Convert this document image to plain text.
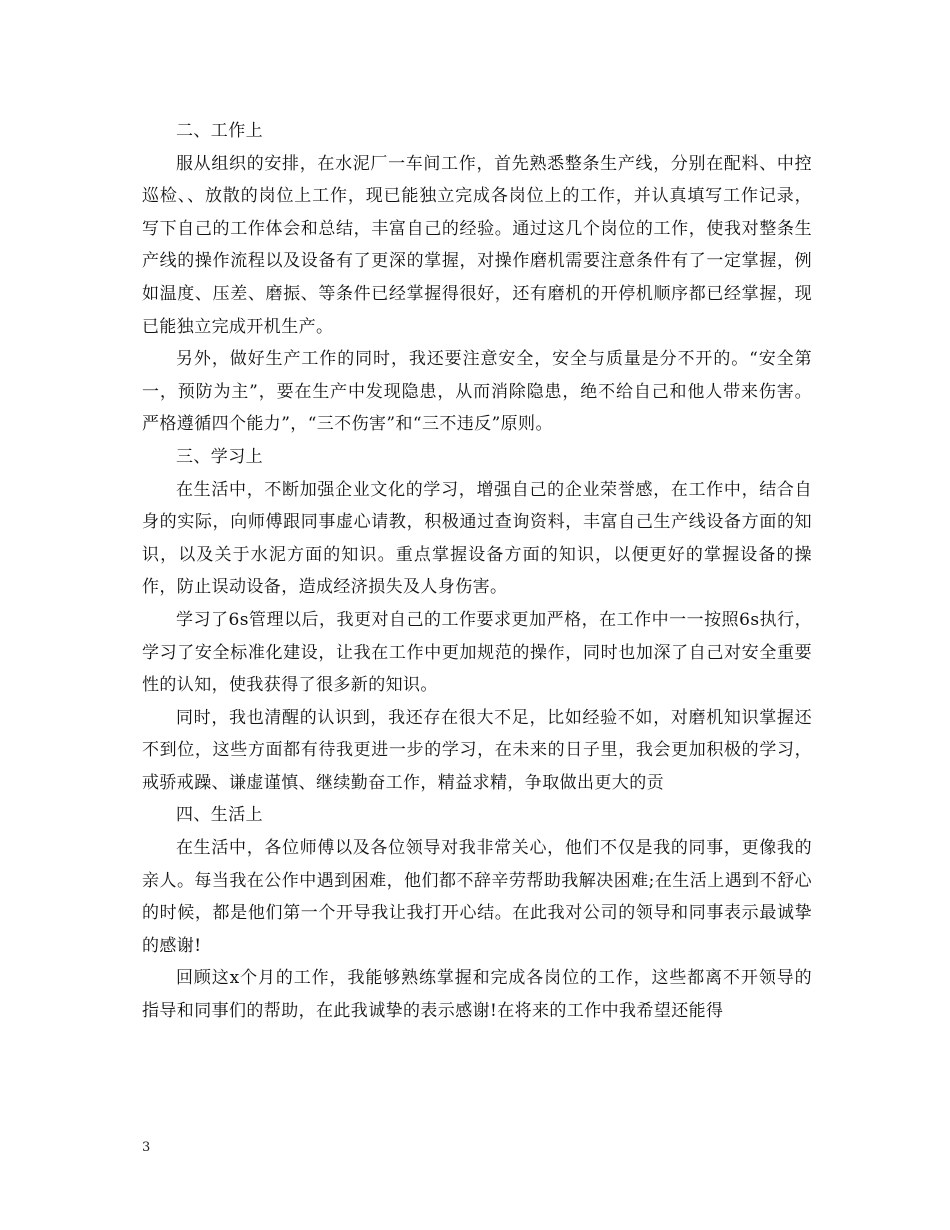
二、工作上

服从组织的安排，在水泥厂一车间工作，首先熟悉整条生产线，分别在配料、中控巡检、、放散的岗位上工作，现已能独立完成各岗位上的工作，并认真填写工作记录，写下自己的工作体会和总结，丰富自己的经验。通过这几个岗位的工作，使我对整条生产线的操作流程以及设备有了更深的掌握，对操作磨机需要注意条件有了一定掌握，例如温度、压差、磨振、等条件已经掌握得很好，还有磨机的开停机顺序都已经掌握，现已能独立完成开机生产。

另外，做好生产工作的同时，我还要注意安全，安全与质量是分不开的。“安全第一，预防为主”，要在生产中发现隐患，从而消除隐患，绝不给自己和他人带来伤害。严格遵循四个能力”，“三不伤害”和“三不违反”原则。

三、学习上

在生活中，不断加强企业文化的学习，增强自己的企业荣誉感，在工作中，结合自身的实际，向师傅跟同事虚心请教，积极通过查询资料，丰富自己生产线设备方面的知识，以及关于水泥方面的知识。重点掌握设备方面的知识，以便更好的掌握设备的操作，防止误动设备，造成经济损失及人身伤害。

学习了6s管理以后，我更对自己的工作要求更加严格，在工作中一一按照6s执行，学习了安全标准化建设，让我在工作中更加规范的操作，同时也加深了自己对安全重要性的认知，使我获得了很多新的知识。

同时，我也清醒的认识到，我还存在很大不足，比如经验不如，对磨机知识掌握还不到位，这些方面都有待我更进一步的学习，在未来的日子里，我会更加积极的学习，戒骄戒躁、谦虚谨慎、继续勤奋工作，精益求精，争取做出更大的贡

四、生活上

在生活中，各位师傅以及各位领导对我非常关心，他们不仅是我的同事，更像我的亲人。每当我在公作中遇到困难，他们都不辞辛劳帮助我解决困难;在生活上遇到不舒心的时候，都是他们第一个开导我让我打开心结。在此我对公司的领导和同事表示最诚挚的感谢!

回顾这x个月的工作，我能够熟练掌握和完成各岗位的工作，这些都离不开领导的指导和同事们的帮助，在此我诚挚的表示感谢!在将来的工作中我希望还能得

3
